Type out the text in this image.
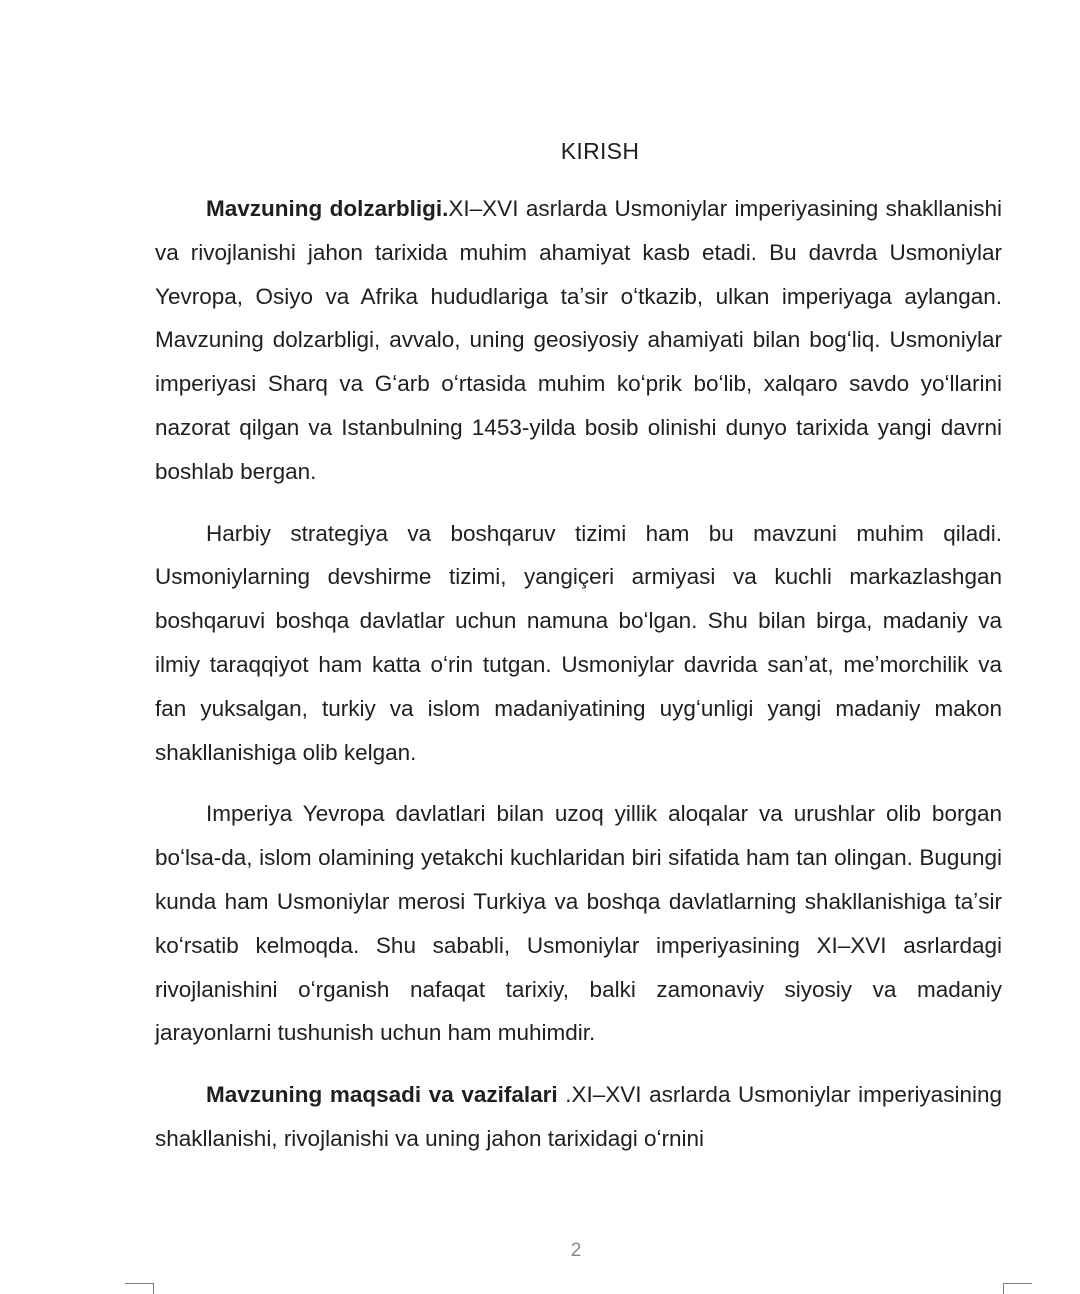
KIRISH

Mavzuning dolzarbligi.XI–XVI asrlarda Usmoniylar imperiyasining shakllanishi va rivojlanishi jahon tarixida muhim ahamiyat kasb etadi. Bu davrda Usmoniylar Yevropa, Osiyo va Afrika hududlariga taʼsir oʻtkazib, ulkan imperiyaga aylangan. Mavzuning dolzarbligi, avvalo, uning geosiyosiy ahamiyati bilan bogʻliq. Usmoniylar imperiyasi Sharq va Gʻarb oʻrtasida muhim koʻprik boʻlib, xalqaro savdo yoʻllarini nazorat qilgan va Istanbulning 1453-yilda bosib olinishi dunyo tarixida yangi davrni boshlab bergan.

Harbiy strategiya va boshqaruv tizimi ham bu mavzuni muhim qiladi. Usmoniylarning devshirme tizimi, yangiçeri armiyasi va kuchli markazlashgan boshqaruvi boshqa davlatlar uchun namuna boʻlgan. Shu bilan birga, madaniy va ilmiy taraqqiyot ham katta oʻrin tutgan. Usmoniylar davrida sanʼat, meʼmorchilik va fan yuksalgan, turkiy va islom madaniyatining uygʻunligi yangi madaniy makon shakllanishiga olib kelgan.

Imperiya Yevropa davlatlari bilan uzoq yillik aloqalar va urushlar olib borgan boʻlsa-da, islom olamining yetakchi kuchlaridan biri sifatida ham tan olingan. Bugungi kunda ham Usmoniylar merosi Turkiya va boshqa davlatlarning shakllanishiga taʼsir koʻrsatib kelmoqda. Shu sababli, Usmoniylar imperiyasining XI–XVI asrlardagi rivojlanishini oʻrganish nafaqat tarixiy, balki zamonaviy siyosiy va madaniy jarayonlarni tushunish uchun ham muhimdir.

Mavzuning maqsadi va vazifalari .XI–XVI asrlarda Usmoniylar imperiyasining shakllanishi, rivojlanishi va uning jahon tarixidagi oʻrnini

2
